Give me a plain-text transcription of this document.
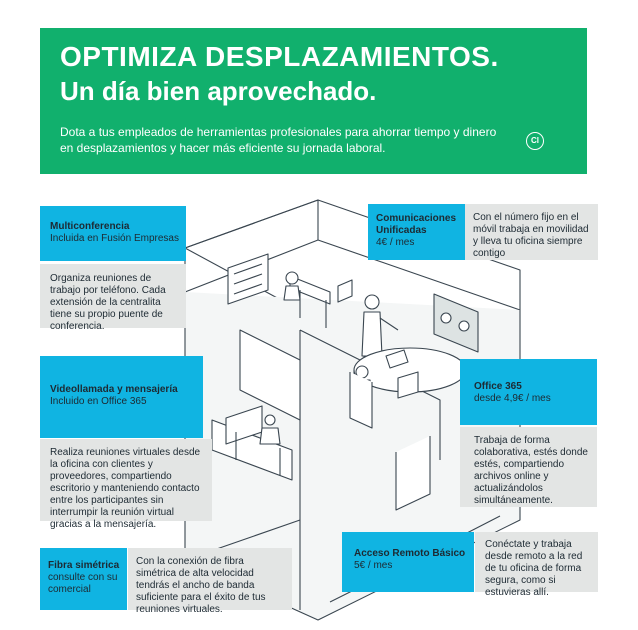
OPTIMIZA DESPLAZAMIENTOS.
Un día bien aprovechado.

Dota a tus empleados de herramientas profesionales para ahorrar tiempo y dinero en desplazamientos y hacer más eficiente su jornada laboral.

Cl
Multiconferencia
Incluida en Fusión Empresas
Organiza reuniones de trabajo por teléfono. Cada extensión de la centralita tiene su propio puente de conferencia.
Comunicaciones Unificadas
4€ / mes
Con el número fijo en el móvil trabaja en movilidad y lleva tu oficina siempre contigo
Videollamada y mensajería
Incluido en Office 365
Realiza reuniones virtuales desde la oficina con clientes y proveedores, compartiendo escritorio y manteniendo contacto entre los participantes sin interrumpir la reunión virtual gracias a la mensajería.
Office 365
desde 4,9€ / mes
Trabaja de forma colaborativa, estés donde estés, compartiendo archivos online y actualizándolos simultáneamente.
Fibra simétrica
consulte con su comercial
Con la conexión de fibra simétrica de alta velocidad tendrás el ancho de banda suficiente para el éxito de tus reuniones virtuales.
Acceso Remoto Básico
5€ / mes
Conéctate y trabaja desde remoto a la red de tu oficina de forma segura, como si estuvieras allí.
